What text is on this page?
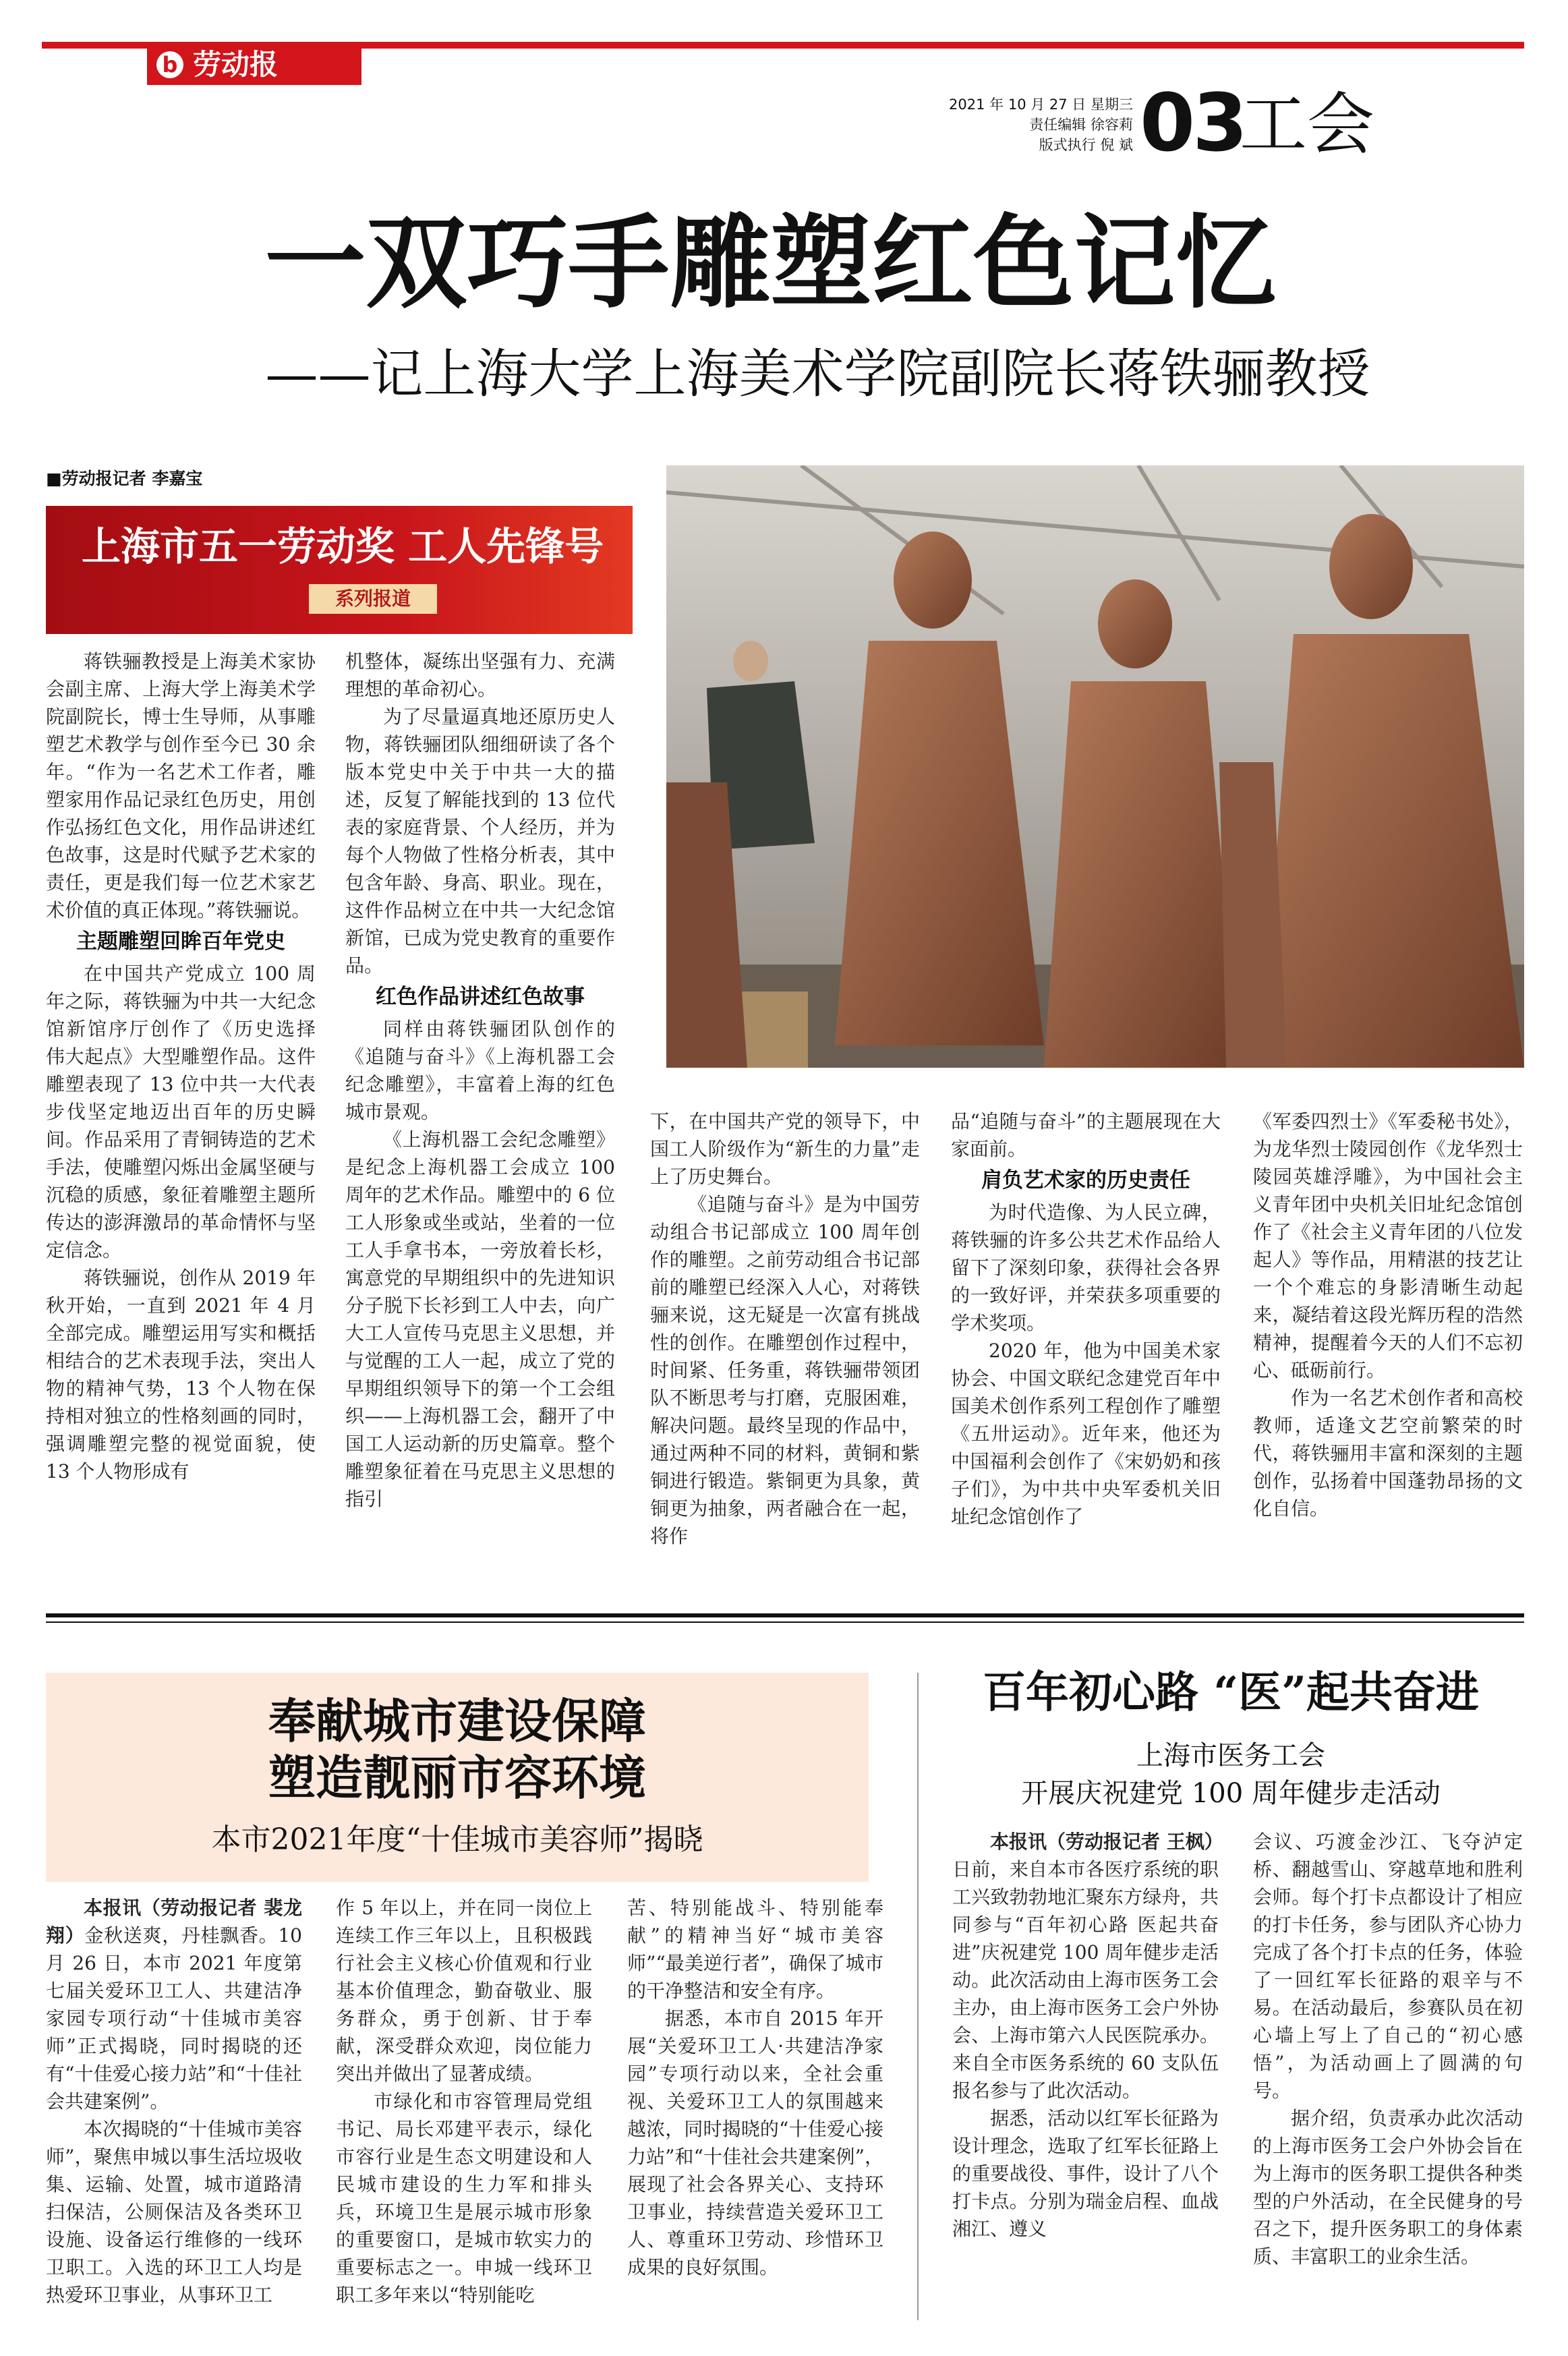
b 劳动报
2021 年 10 月 27 日 星期三
责任编辑 徐容莉
版式执行 倪 斌 03
工会
一双巧手雕塑红色记忆
——记上海大学上海美术学院副院长蒋铁骊教授
■劳动报记者 李嘉宝
上海市五一劳动奖 工人先锋号
系列报道

蒋铁骊教授是上海美术家协会副主席、上海大学上海美术学院副院长，博士生导师，从事雕塑艺术教学与创作至今已 30 余年。“作为一名艺术工作者，雕塑家用作品记录红色历史，用创作弘扬红色文化，用作品讲述红色故事，这是时代赋予艺术家的责任，更是我们每一位艺术家艺术价值的真正体现。”蒋铁骊说。

主题雕塑回眸百年党史

在中国共产党成立 100 周年之际，蒋铁骊为中共一大纪念馆新馆序厅创作了《历史选择 伟大起点》大型雕塑作品。这件雕塑表现了 13 位中共一大代表步伐坚定地迈出百年的历史瞬间。作品采用了青铜铸造的艺术手法，使雕塑闪烁出金属坚硬与沉稳的质感，象征着雕塑主题所传达的澎湃激昂的革命情怀与坚定信念。

蒋铁骊说，创作从 2019 年秋开始，一直到 2021 年 4 月全部完成。雕塑运用写实和概括相结合的艺术表现手法，突出人物的精神气势，13 个人物在保持相对独立的性格刻画的同时，强调雕塑完整的视觉面貌，使 13 个人物形成有

机整体，凝练出坚强有力、充满理想的革命初心。

为了尽量逼真地还原历史人物，蒋铁骊团队细细研读了各个版本党史中关于中共一大的描述，反复了解能找到的 13 位代表的家庭背景、个人经历，并为每个人物做了性格分析表，其中包含年龄、身高、职业。现在，这件作品树立在中共一大纪念馆新馆，已成为党史教育的重要作品。

红色作品讲述红色故事

同样由蒋铁骊团队创作的《追随与奋斗》《上海机器工会纪念雕塑》，丰富着上海的红色城市景观。

《上海机器工会纪念雕塑》是纪念上海机器工会成立 100 周年的艺术作品。雕塑中的 6 位工人形象或坐或站，坐着的一位工人手拿书本，一旁放着长杉，寓意党的早期组织中的先进知识分子脱下长衫到工人中去，向广大工人宣传马克思主义思想，并与觉醒的工人一起，成立了党的早期组织领导下的第一个工会组织——上海机器工会，翻开了中国工人运动新的历史篇章。整个雕塑象征着在马克思主义思想的指引

下，在中国共产党的领导下，中国工人阶级作为“新生的力量”走上了历史舞台。

《追随与奋斗》是为中国劳动组合书记部成立 100 周年创作的雕塑。之前劳动组合书记部前的雕塑已经深入人心，对蒋铁骊来说，这无疑是一次富有挑战性的创作。在雕塑创作过程中，时间紧、任务重，蒋铁骊带领团队不断思考与打磨，克服困难，解决问题。最终呈现的作品中，通过两种不同的材料，黄铜和紫铜进行锻造。紫铜更为具象，黄铜更为抽象，两者融合在一起，将作

品“追随与奋斗”的主题展现在大家面前。

肩负艺术家的历史责任

为时代造像、为人民立碑，蒋铁骊的许多公共艺术作品给人留下了深刻印象，获得社会各界的一致好评，并荣获多项重要的学术奖项。

2020 年，他为中国美术家协会、中国文联纪念建党百年中国美术创作系列工程创作了雕塑《五卅运动》。近年来，他还为中国福利会创作了《宋奶奶和孩子们》，为中共中央军委机关旧址纪念馆创作了

《军委四烈士》《军委秘书处》，为龙华烈士陵园创作《龙华烈士陵园英雄浮雕》，为中国社会主义青年团中央机关旧址纪念馆创作了《社会主义青年团的八位发起人》等作品，用精湛的技艺让一个个难忘的身影清晰生动起来，凝结着这段光辉历程的浩然精神，提醒着今天的人们不忘初心、砥砺前行。

作为一名艺术创作者和高校教师，适逢文艺空前繁荣的时代，蒋铁骊用丰富和深刻的主题创作，弘扬着中国蓬勃昂扬的文化自信。

奉献城市建设保障
塑造靓丽市容环境
本市2021年度“十佳城市美容师”揭晓

本报讯（劳动报记者 裴龙翔）金秋送爽，丹桂飘香。10 月 26 日，本市 2021 年度第七届关爱环卫工人、共建洁净家园专项行动“十佳城市美容师”正式揭晓，同时揭晓的还有“十佳爱心接力站”和“十佳社会共建案例”。

本次揭晓的“十佳城市美容师”，聚焦申城以事生活垃圾收集、运输、处置，城市道路清扫保洁，公厕保洁及各类环卫设施、设备运行维修的一线环卫职工。入选的环卫工人均是热爱环卫事业，从事环卫工

作 5 年以上，并在同一岗位上连续工作三年以上，且积极践行社会主义核心价值观和行业基本价值理念，勤奋敬业、服务群众，勇于创新、甘于奉献，深受群众欢迎，岗位能力突出并做出了显著成绩。

市绿化和市容管理局党组书记、局长邓建平表示，绿化市容行业是生态文明建设和人民城市建设的生力军和排头兵，环境卫生是展示城市形象的重要窗口，是城市软实力的重要标志之一。申城一线环卫职工多年来以“特别能吃

苦、特别能战斗、特别能奉献”的精神当好“城市美容师”“最美逆行者”，确保了城市的干净整洁和安全有序。

据悉，本市自 2015 年开展“关爱环卫工人·共建洁净家园”专项行动以来，全社会重视、关爱环卫工人的氛围越来越浓，同时揭晓的“十佳爱心接力站”和“十佳社会共建案例”，展现了社会各界关心、支持环卫事业，持续营造关爱环卫工人、尊重环卫劳动、珍惜环卫成果的良好氛围。

百年初心路 “医”起共奋进
上海市医务工会
开展庆祝建党 100 周年健步走活动

本报讯（劳动报记者 王枫）日前，来自本市各医疗系统的职工兴致勃勃地汇聚东方绿舟，共同参与“百年初心路 医起共奋进”庆祝建党 100 周年健步走活动。此次活动由上海市医务工会主办，由上海市医务工会户外协会、上海市第六人民医院承办。来自全市医务系统的 60 支队伍报名参与了此次活动。

据悉，活动以红军长征路为设计理念，选取了红军长征路上的重要战役、事件，设计了八个打卡点。分别为瑞金启程、血战湘江、遵义

会议、巧渡金沙江、飞夺泸定桥、翻越雪山、穿越草地和胜利会师。每个打卡点都设计了相应的打卡任务，参与团队齐心协力完成了各个打卡点的任务，体验了一回红军长征路的艰辛与不易。在活动最后，参赛队员在初心墙上写上了自己的“初心感悟”，为活动画上了圆满的句号。

据介绍，负责承办此次活动的上海市医务工会户外协会旨在为上海市的医务职工提供各种类型的户外活动，在全民健身的号召之下，提升医务职工的身体素质、丰富职工的业余生活。
